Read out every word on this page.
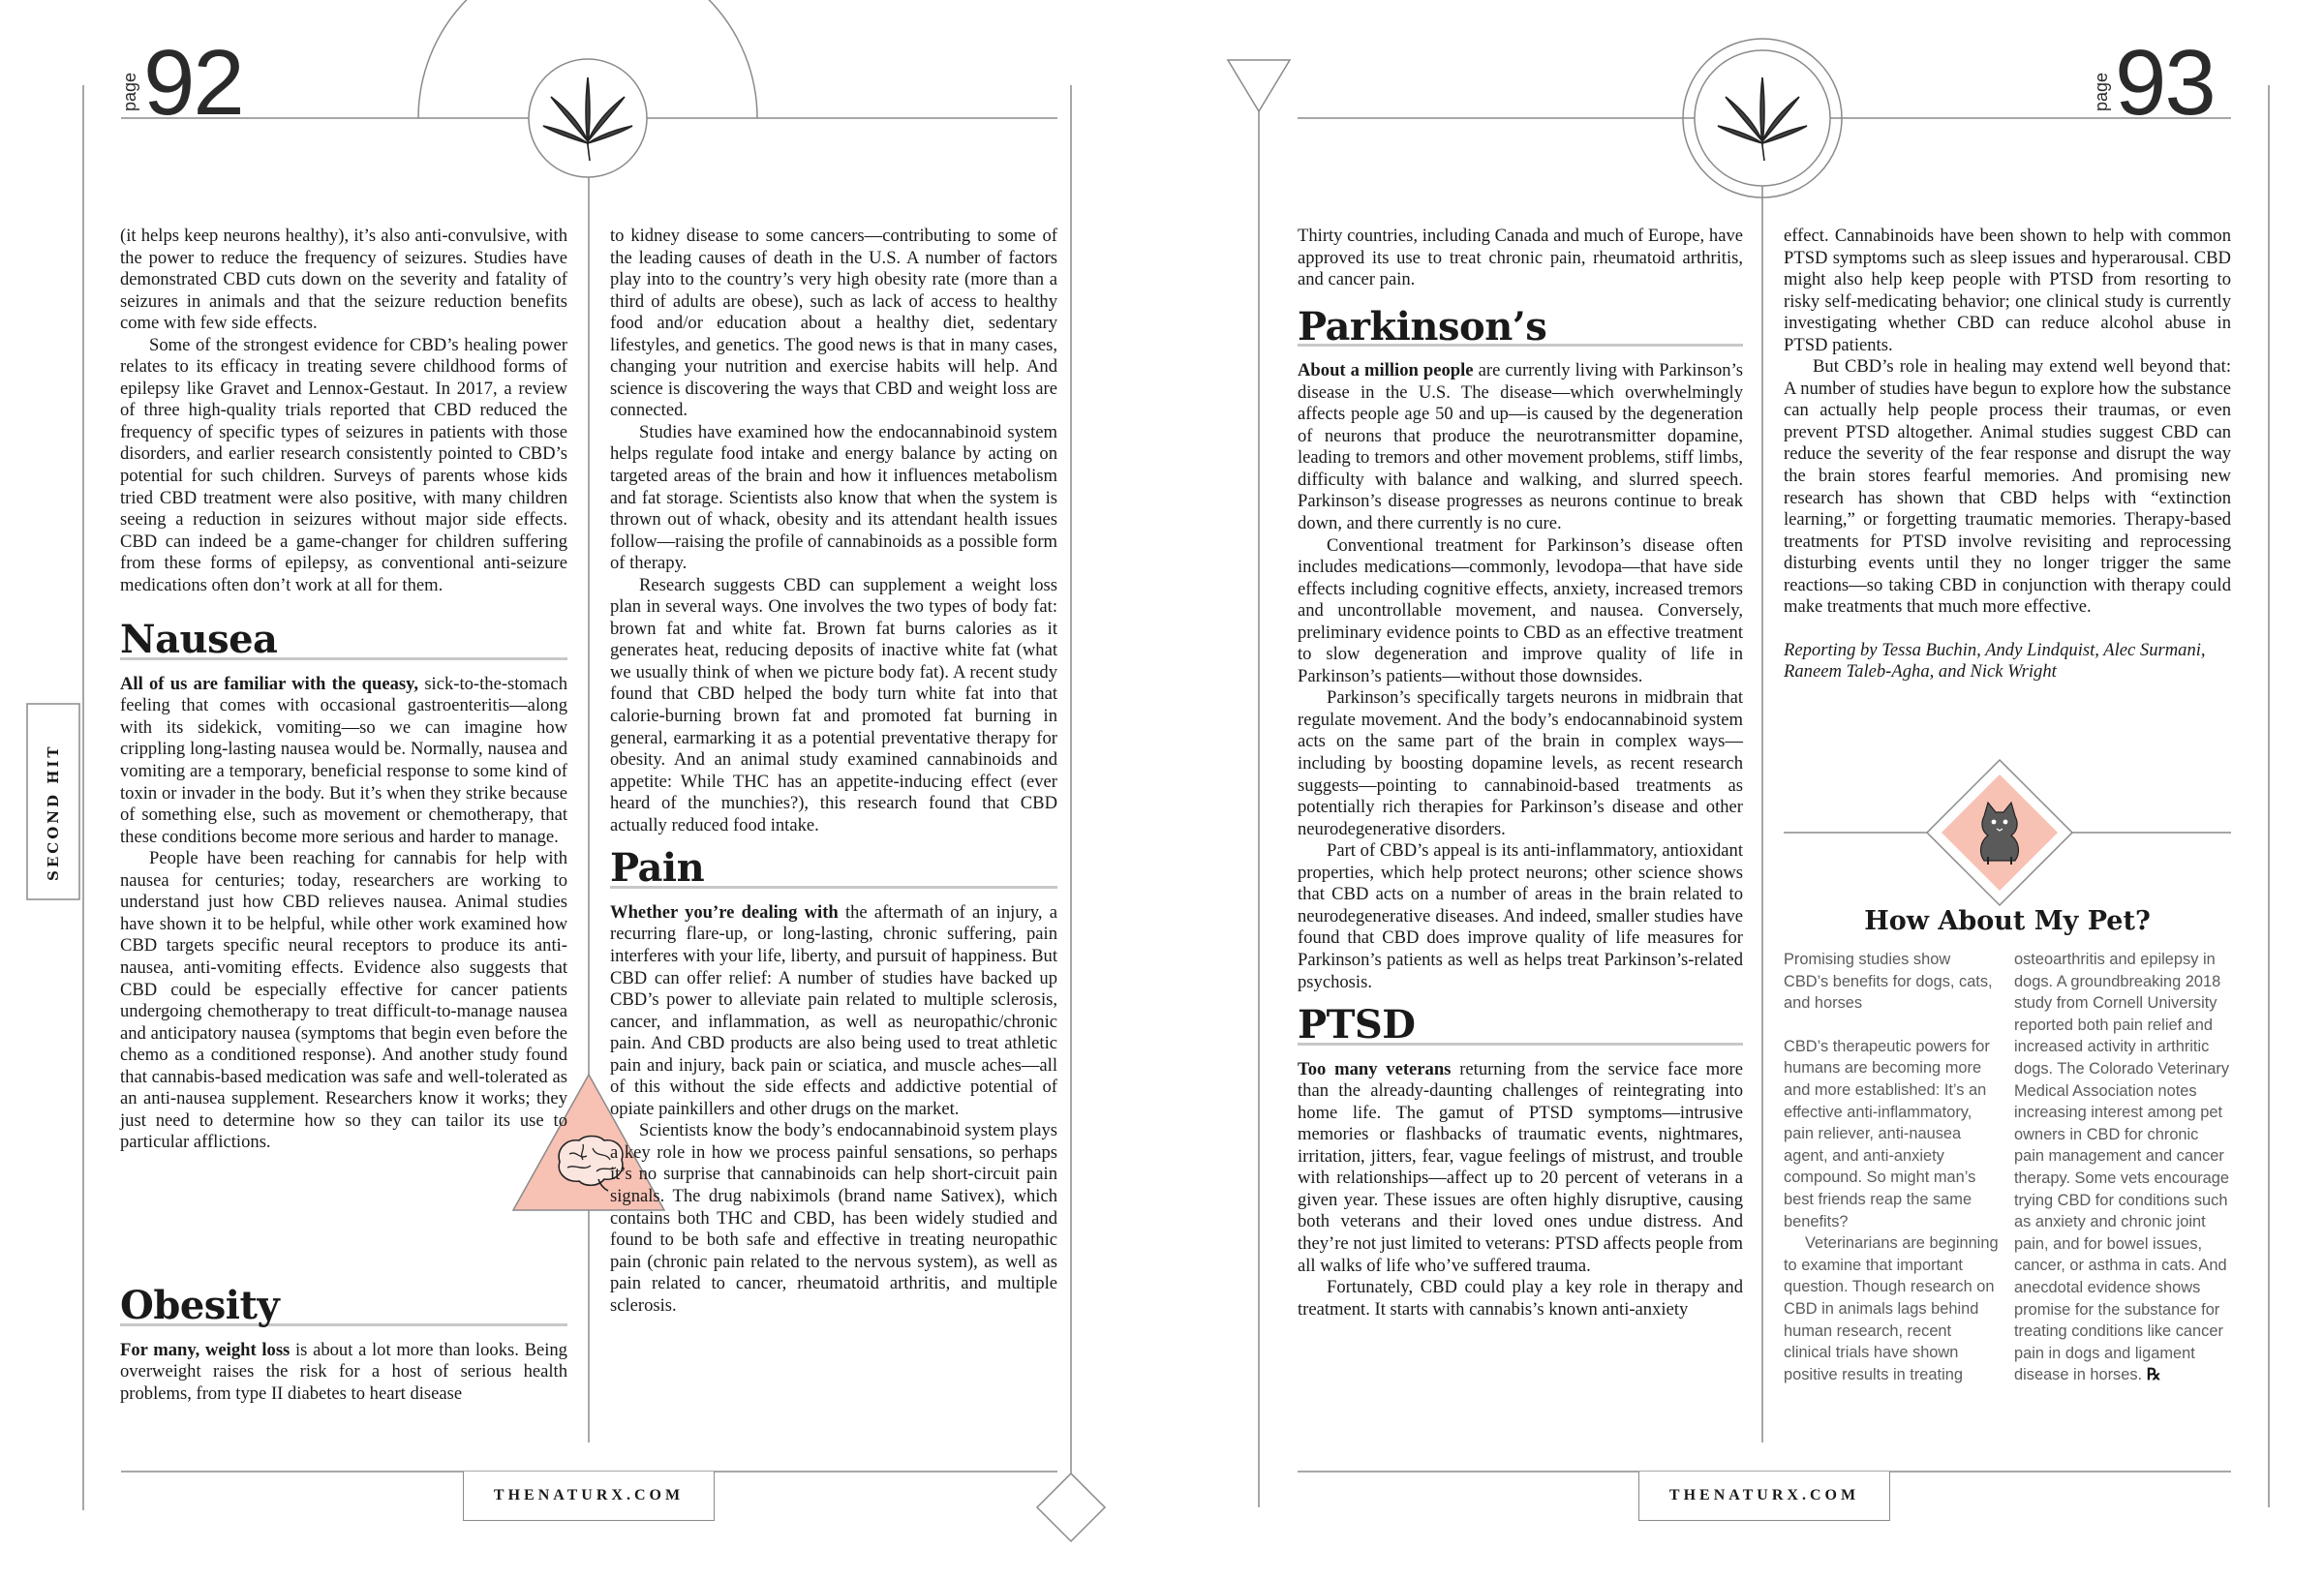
page 92
SECOND HIT

(it helps keep neurons healthy), it’s also anti-convulsive, with the power to reduce the frequency of seizures. Studies have demonstrated CBD cuts down on the severity and fatality of seizures in animals and that the seizure reduction benefits come with few side effects.

Some of the strongest evidence for CBD’s healing power relates to its efficacy in treating severe childhood forms of epilepsy like Gravet and Lennox-Gestaut. In 2017, a review of three high-quality trials reported that CBD reduced the frequency of specific types of seizures in patients with those disorders, and earlier research consistently pointed to CBD’s potential for such children. Surveys of parents whose kids tried CBD treatment were also positive, with many children seeing a reduction in seizures without major side effects. CBD can indeed be a game-changer for children suffering from these forms of epilepsy, as conventional anti-seizure medications often don’t work at all for them.

Nausea

All of us are familiar with the queasy, sick-to-the-stomach feeling that comes with occasional gastroenteritis—along with its sidekick, vomiting—so we can imagine how crippling long-lasting nausea would be. Normally, nausea and vomiting are a temporary, beneficial response to some kind of toxin or invader in the body. But it’s when they strike because of something else, such as movement or chemotherapy, that these conditions become more serious and harder to manage.

People have been reaching for cannabis for help with nausea for centuries; today, researchers are working to understand just how CBD relieves nausea. Animal studies have shown it to be helpful, while other work examined how CBD targets specific neural receptors to produce its anti-nausea, anti-vomiting effects. Evidence also suggests that CBD could be especially effective for cancer patients undergoing chemotherapy to treat difficult-to-manage nausea and anticipatory nausea (symptoms that begin even before the chemo as a conditioned response). And another study found that cannabis-based medication was safe and well-tolerated as an anti-nausea supplement. Researchers know it works; they just need to determine how so they can tailor its use to particular afflictions.

Obesity

For many, weight loss is about a lot more than looks. Being overweight raises the risk for a host of serious health problems, from type II diabetes to heart disease

to kidney disease to some cancers—contributing to some of the leading causes of death in the U.S. A number of factors play into to the country’s very high obesity rate (more than a third of adults are obese), such as lack of access to healthy food and/or education about a healthy diet, sedentary lifestyles, and genetics. The good news is that in many cases, changing your nutrition and exercise habits will help. And science is discovering the ways that CBD and weight loss are connected.

Studies have examined how the endocannabinoid system helps regulate food intake and energy balance by acting on targeted areas of the brain and how it influences metabolism and fat storage. Scientists also know that when the system is thrown out of whack, obesity and its attendant health issues follow—raising the profile of cannabinoids as a possible form of therapy.

Research suggests CBD can supplement a weight loss plan in several ways. One involves the two types of body fat: brown fat and white fat. Brown fat burns calories as it generates heat, reducing deposits of inactive white fat (what we usually think of when we picture body fat). A recent study found that CBD helped the body turn white fat into that calorie-burning brown fat and promoted fat burning in general, earmarking it as a potential preventative therapy for obesity. And an animal study examined cannabinoids and appetite: While THC has an appetite-inducing effect (ever heard of the munchies?), this research found that CBD actually reduced food intake.

Pain

Whether you’re dealing with the aftermath of an injury, a recurring flare-up, or long-lasting, chronic suffering, pain interferes with your life, liberty, and pursuit of happiness. But CBD can offer relief: A number of studies have backed up CBD’s power to alleviate pain related to multiple sclerosis, cancer, and inflammation, as well as neuropathic/chronic pain. And CBD products are also being used to treat athletic pain and injury, back pain or sciatica, and muscle aches—all of this without the side effects and addictive potential of opiate painkillers and other drugs on the market.

Scientists know the body’s endocannabinoid system plays a key role in how we process painful sensations, so perhaps it’s no surprise that cannabinoids can help short-circuit pain signals. The drug nabiximols (brand name Sativex), which contains both THC and CBD, has been widely studied and found to be both safe and effective in treating neuropathic pain (chronic pain related to the nervous system), as well as pain related to cancer, rheumatoid arthritis, and multiple sclerosis.

THENATURX.COM
page 93

Thirty countries, including Canada and much of Europe, have approved its use to treat chronic pain, rheumatoid arthritis, and cancer pain.

Parkinson’s

About a million people are currently living with Parkinson’s disease in the U.S. The disease—which overwhelmingly affects people age 50 and up—is caused by the degeneration of neurons that produce the neurotransmitter dopamine, leading to tremors and other movement problems, stiff limbs, difficulty with balance and walking, and slurred speech. Parkinson’s disease progresses as neurons continue to break down, and there currently is no cure.

Conventional treatment for Parkinson’s disease often includes medications—commonly, levodopa—that have side effects including cognitive effects, anxiety, increased tremors and uncontrollable movement, and nausea. Conversely, preliminary evidence points to CBD as an effective treatment to slow degeneration and improve quality of life in Parkinson’s patients—without those downsides.

Parkinson’s specifically targets neurons in midbrain that regulate movement. And the body’s endocannabinoid system acts on the same part of the brain in complex ways—including by boosting dopamine levels, as recent research suggests—pointing to cannabinoid-based treatments as potentially rich therapies for Parkinson’s disease and other neurodegenerative disorders.

Part of CBD’s appeal is its anti-inflammatory, antioxidant properties, which help protect neurons; other science shows that CBD acts on a number of areas in the brain related to neurodegenerative diseases. And indeed, smaller studies have found that CBD does improve quality of life measures for Parkinson’s patients as well as helps treat Parkinson’s-related psychosis.

PTSD

Too many veterans returning from the service face more than the already-daunting challenges of reintegrating into home life. The gamut of PTSD symptoms—intrusive memories or flashbacks of traumatic events, nightmares, irritation, jitters, fear, vague feelings of mistrust, and trouble with relationships—affect up to 20 percent of veterans in a given year. These issues are often highly disruptive, causing both veterans and their loved ones undue distress. And they’re not just limited to veterans: PTSD affects people from all walks of life who’ve suffered trauma.

Fortunately, CBD could play a key role in therapy and treatment. It starts with cannabis’s known anti-anxiety

effect. Cannabinoids have been shown to help with common PTSD symptoms such as sleep issues and hyperarousal. CBD might also help keep people with PTSD from resorting to risky self-medicating behavior; one clinical study is currently investigating whether CBD can reduce alcohol abuse in PTSD patients.

But CBD’s role in healing may extend well beyond that: A number of studies have begun to explore how the substance can actually help people process their traumas, or even prevent PTSD altogether. Animal studies suggest CBD can reduce the severity of the fear response and disrupt the way the brain stores fearful memories. And promising new research has shown that CBD helps with “extinction learning,” or forgetting traumatic memories. Therapy-based treatments for PTSD involve revisiting and reprocessing disturbing events until they no longer trigger the same reactions—so taking CBD in conjunction with therapy could make treatments that much more effective.

Reporting by Tessa Buchin, Andy Lindquist, Alec Surmani, Raneem Taleb-Agha, and Nick Wright

How About My Pet?

Promising studies show CBD’s benefits for dogs, cats, and horses

CBD’s therapeutic powers for humans are becoming more and more established: It’s an effective anti-inflammatory, pain reliever, anti-nausea agent, and anti-anxiety compound. So might man’s best friends reap the same benefits?

Veterinarians are beginning to examine that important question. Though research on CBD in animals lags behind human research, recent clinical trials have shown positive results in treating

osteoarthritis and epilepsy in dogs. A groundbreaking 2018 study from Cornell University reported both pain relief and increased activity in arthritic dogs. The Colorado Veterinary Medical Association notes increasing interest among pet owners in CBD for chronic pain management and cancer therapy. Some vets encourage trying CBD for conditions such as anxiety and chronic joint pain, and for bowel issues, cancer, or asthma in cats. And anecdotal evidence shows promise for the substance for treating conditions like cancer pain in dogs and ligament disease in horses. ℞

THENATURX.COM
